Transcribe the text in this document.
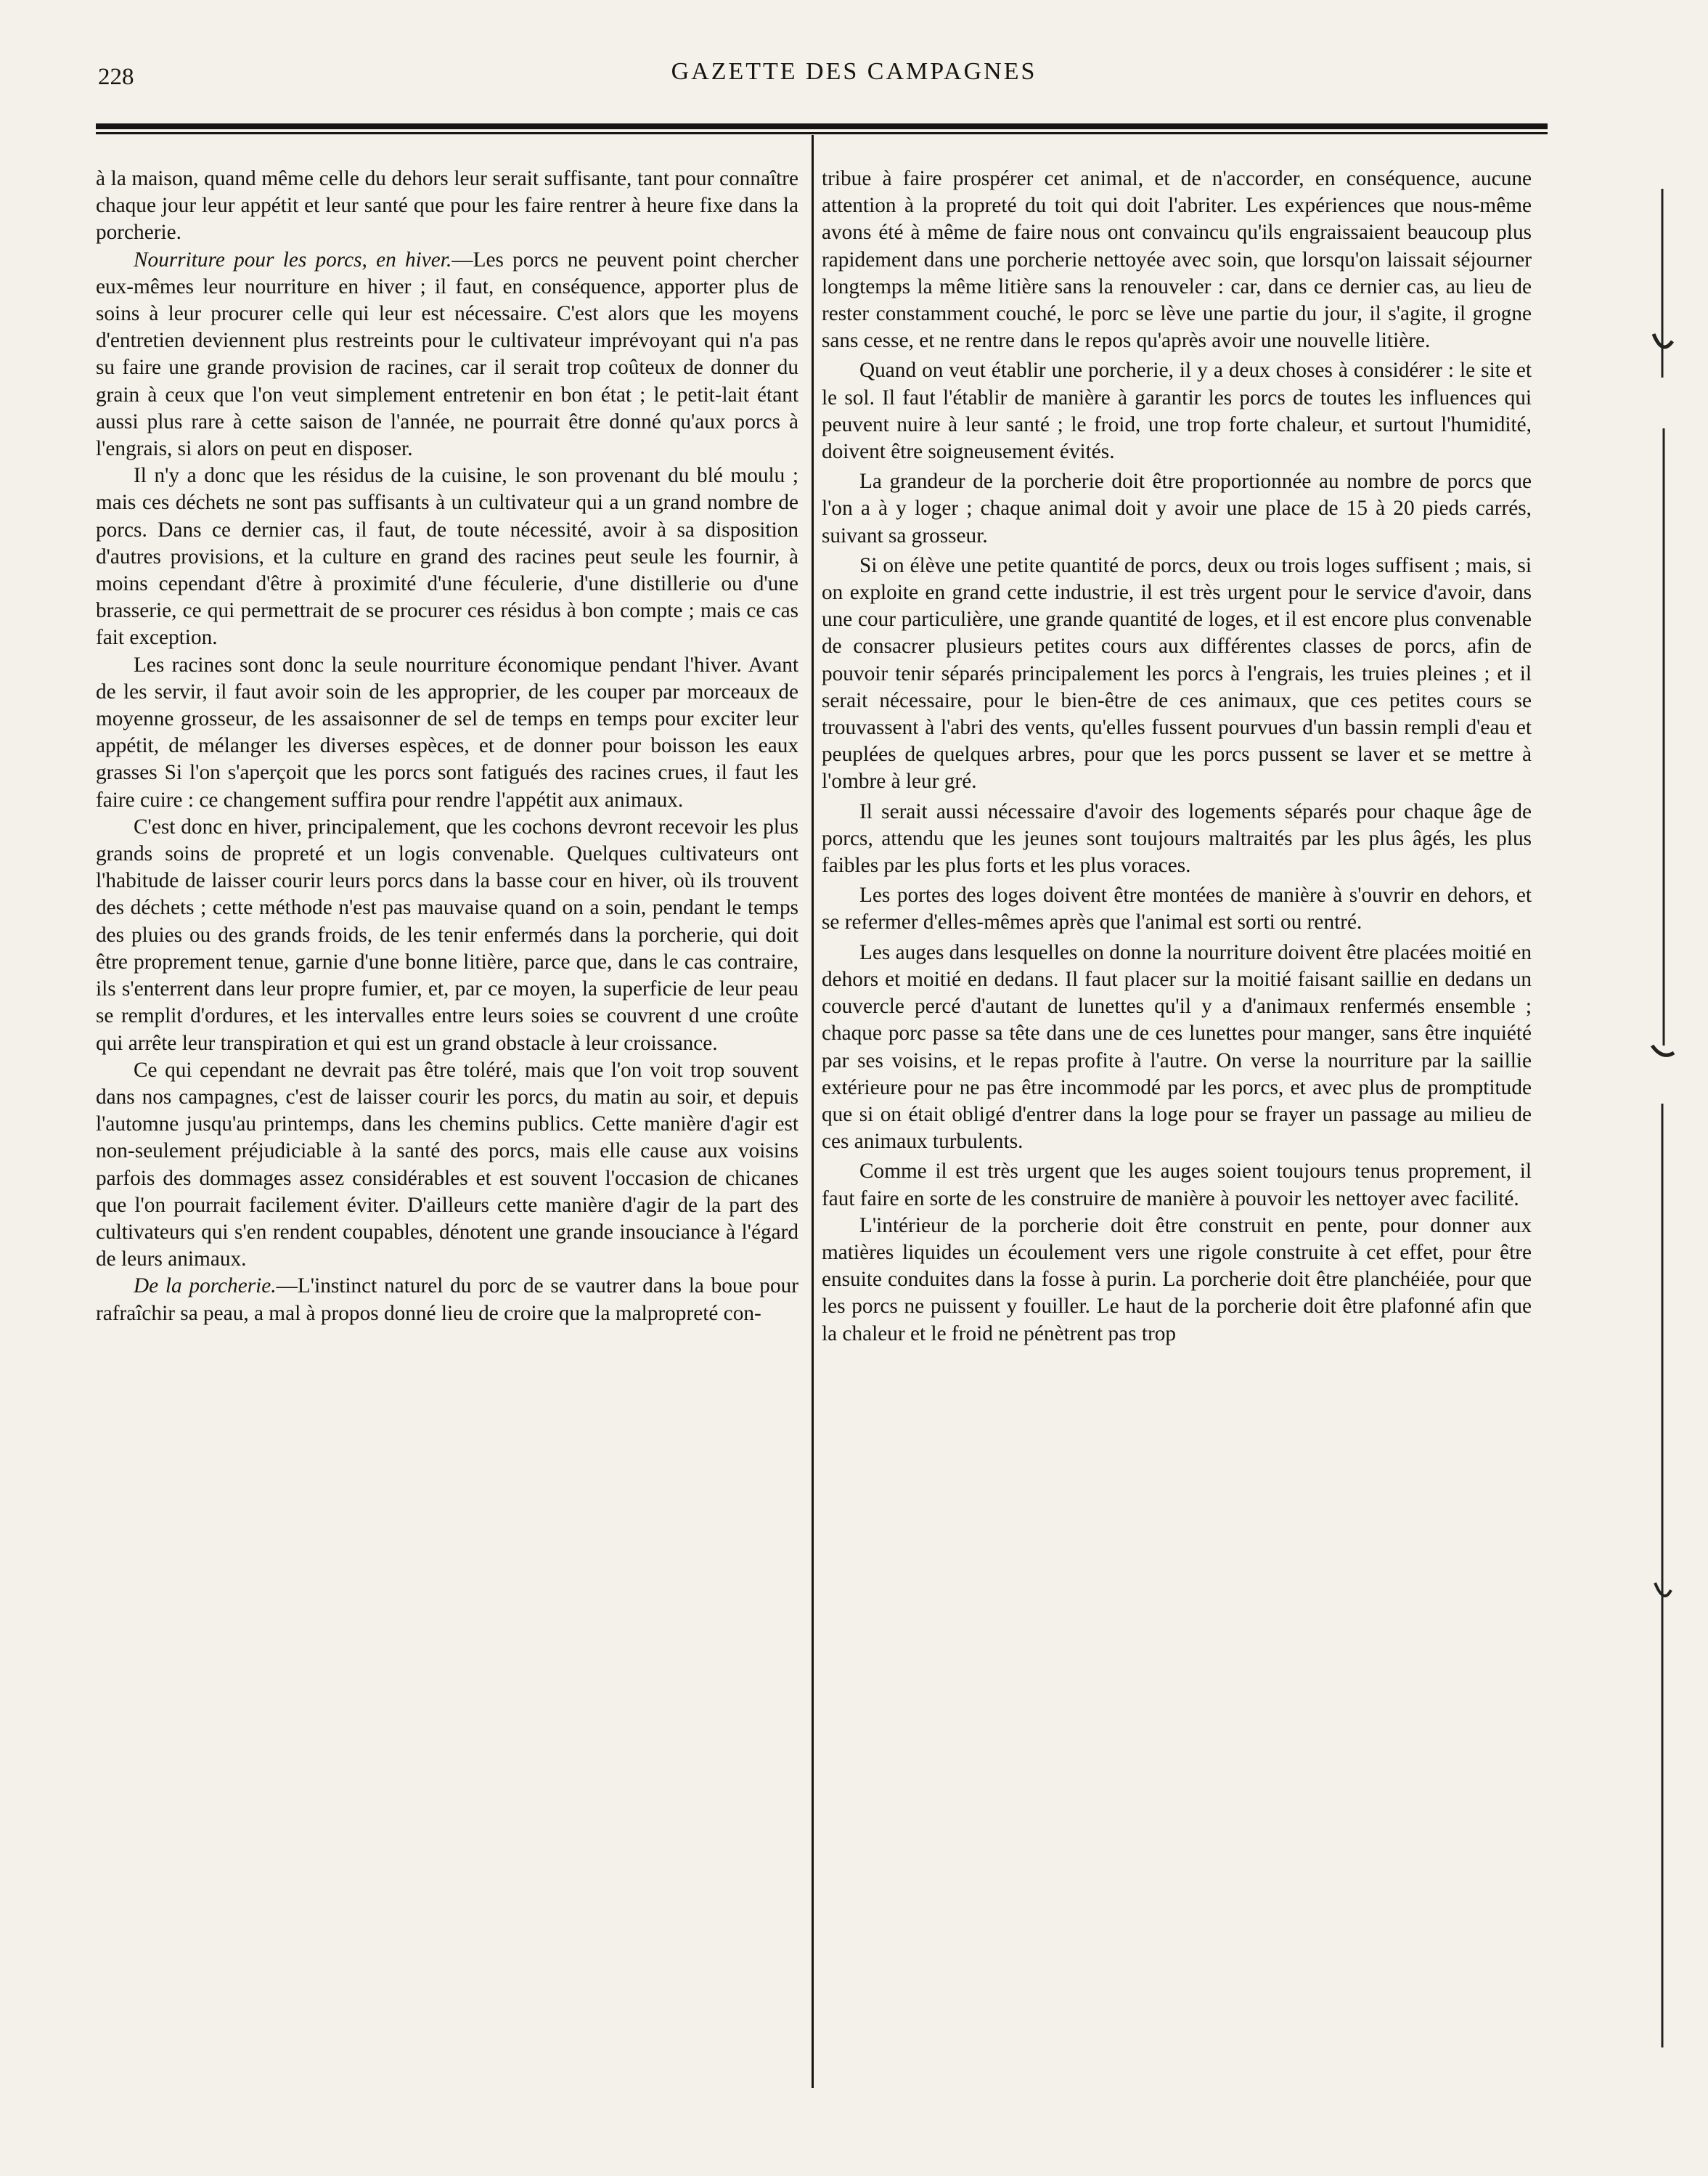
228	GAZETTE DES CAMPAGNES

à la maison, quand même celle du dehors leur serait suffisante, tant pour connaître chaque jour leur appétit et leur santé que pour les faire rentrer à heure fixe dans la porcherie.

Nourriture pour les porcs, en hiver.—Les porcs ne peuvent point chercher eux-mêmes leur nourriture en hiver ; il faut, en conséquence, apporter plus de soins à leur procurer celle qui leur est nécessaire. C'est alors que les moyens d'entretien deviennent plus restreints pour le cultivateur imprévoyant qui n'a pas su faire une grande provision de racines, car il serait trop coûteux de donner du grain à ceux que l'on veut simplement entretenir en bon état ; le petit-lait étant aussi plus rare à cette saison de l'année, ne pourrait être donné qu'aux porcs à l'engrais, si alors on peut en disposer.

Il n'y a donc que les résidus de la cuisine, le son provenant du blé moulu ; mais ces déchets ne sont pas suffisants à un cultivateur qui a un grand nombre de porcs. Dans ce dernier cas, il faut, de toute nécessité, avoir à sa disposition d'autres provisions, et la culture en grand des racines peut seule les fournir, à moins cependant d'être à proximité d'une féculerie, d'une distillerie ou d'une brasserie, ce qui permettrait de se procurer ces résidus à bon compte ; mais ce cas fait exception.

Les racines sont donc la seule nourriture économique pendant l'hiver. Avant de les servir, il faut avoir soin de les approprier, de les couper par morceaux de moyenne grosseur, de les assaisonner de sel de temps en temps pour exciter leur appétit, de mélanger les diverses espèces, et de donner pour boisson les eaux grasses Si l'on s'aperçoit que les porcs sont fatigués des racines crues, il faut les faire cuire : ce changement suffira pour rendre l'appétit aux animaux.

C'est donc en hiver, principalement, que les cochons devront recevoir les plus grands soins de propreté et un logis convenable. Quelques cultivateurs ont l'habitude de laisser courir leurs porcs dans la basse cour en hiver, où ils trouvent des déchets ; cette méthode n'est pas mauvaise quand on a soin, pendant le temps des pluies ou des grands froids, de les tenir enfermés dans la porcherie, qui doit être proprement tenue, garnie d'une bonne litière, parce que, dans le cas contraire, ils s'enterrent dans leur propre fumier, et, par ce moyen, la superficie de leur peau se remplit d'ordures, et les intervalles entre leurs soies se couvrent d une croûte qui arrête leur transpiration et qui est un grand obstacle à leur croissance.

Ce qui cependant ne devrait pas être toléré, mais que l'on voit trop souvent dans nos campagnes, c'est de laisser courir les porcs, du matin au soir, et depuis l'automne jusqu'au printemps, dans les chemins publics. Cette manière d'agir est non-seulement préjudiciable à la santé des porcs, mais elle cause aux voisins parfois des dommages assez considérables et est souvent l'occasion de chicanes que l'on pourrait facilement éviter. D'ailleurs cette manière d'agir de la part des cultivateurs qui s'en rendent coupables, dénotent une grande insouciance à l'égard de leurs animaux.

De la porcherie.—L'instinct naturel du porc de se vautrer dans la boue pour rafraîchir sa peau, a mal à propos donné lieu de croire que la malpropreté con-

tribue à faire prospérer cet animal, et de n'accorder, en conséquence, aucune attention à la propreté du toit qui doit l'abriter. Les expériences que nous-même avons été à même de faire nous ont convaincu qu'ils engraissaient beaucoup plus rapidement dans une porcherie nettoyée avec soin, que lorsqu'on laissait séjourner longtemps la même litière sans la renouveler : car, dans ce dernier cas, au lieu de rester constamment couché, le porc se lève une partie du jour, il s'agite, il grogne sans cesse, et ne rentre dans le repos qu'après avoir une nouvelle litière.

Quand on veut établir une porcherie, il y a deux choses à considérer : le site et le sol. Il faut l'établir de manière à garantir les porcs de toutes les influences qui peuvent nuire à leur santé ; le froid, une trop forte chaleur, et surtout l'humidité, doivent être soigneusement évités.

La grandeur de la porcherie doit être proportionnée au nombre de porcs que l'on a à y loger ; chaque animal doit y avoir une place de 15 à 20 pieds carrés, suivant sa grosseur.

Si on élève une petite quantité de porcs, deux ou trois loges suffisent ; mais, si on exploite en grand cette industrie, il est très urgent pour le service d'avoir, dans une cour particulière, une grande quantité de loges, et il est encore plus convenable de consacrer plusieurs petites cours aux différentes classes de porcs, afin de pouvoir tenir séparés principalement les porcs à l'engrais, les truies pleines ; et il serait nécessaire, pour le bien-être de ces animaux, que ces petites cours se trouvassent à l'abri des vents, qu'elles fussent pourvues d'un bassin rempli d'eau et peuplées de quelques arbres, pour que les porcs pussent se laver et se mettre à l'ombre à leur gré.

Il serait aussi nécessaire d'avoir des logements séparés pour chaque âge de porcs, attendu que les jeunes sont toujours maltraités par les plus âgés, les plus faibles par les plus forts et les plus voraces.

Les portes des loges doivent être montées de manière à s'ouvrir en dehors, et se refermer d'elles-mêmes après que l'animal est sorti ou rentré.

Les auges dans lesquelles on donne la nourriture doivent être placées moitié en dehors et moitié en dedans. Il faut placer sur la moitié faisant saillie en dedans un couvercle percé d'autant de lunettes qu'il y a d'animaux renfermés ensemble ; chaque porc passe sa tête dans une de ces lunettes pour manger, sans être inquiété par ses voisins, et le repas profite à l'autre. On verse la nourriture par la saillie extérieure pour ne pas être incommodé par les porcs, et avec plus de promptitude que si on était obligé d'entrer dans la loge pour se frayer un passage au milieu de ces animaux turbulents.

Comme il est très urgent que les auges soient toujours tenus proprement, il faut faire en sorte de les construire de manière à pouvoir les nettoyer avec facilité.

L'intérieur de la porcherie doit être construit en pente, pour donner aux matières liquides un écoulement vers une rigole construite à cet effet, pour être ensuite conduites dans la fosse à purin. La porcherie doit être planchéiée, pour que les porcs ne puissent y fouiller. Le haut de la porcherie doit être plafonné afin que la chaleur et le froid ne pénètrent pas trop
